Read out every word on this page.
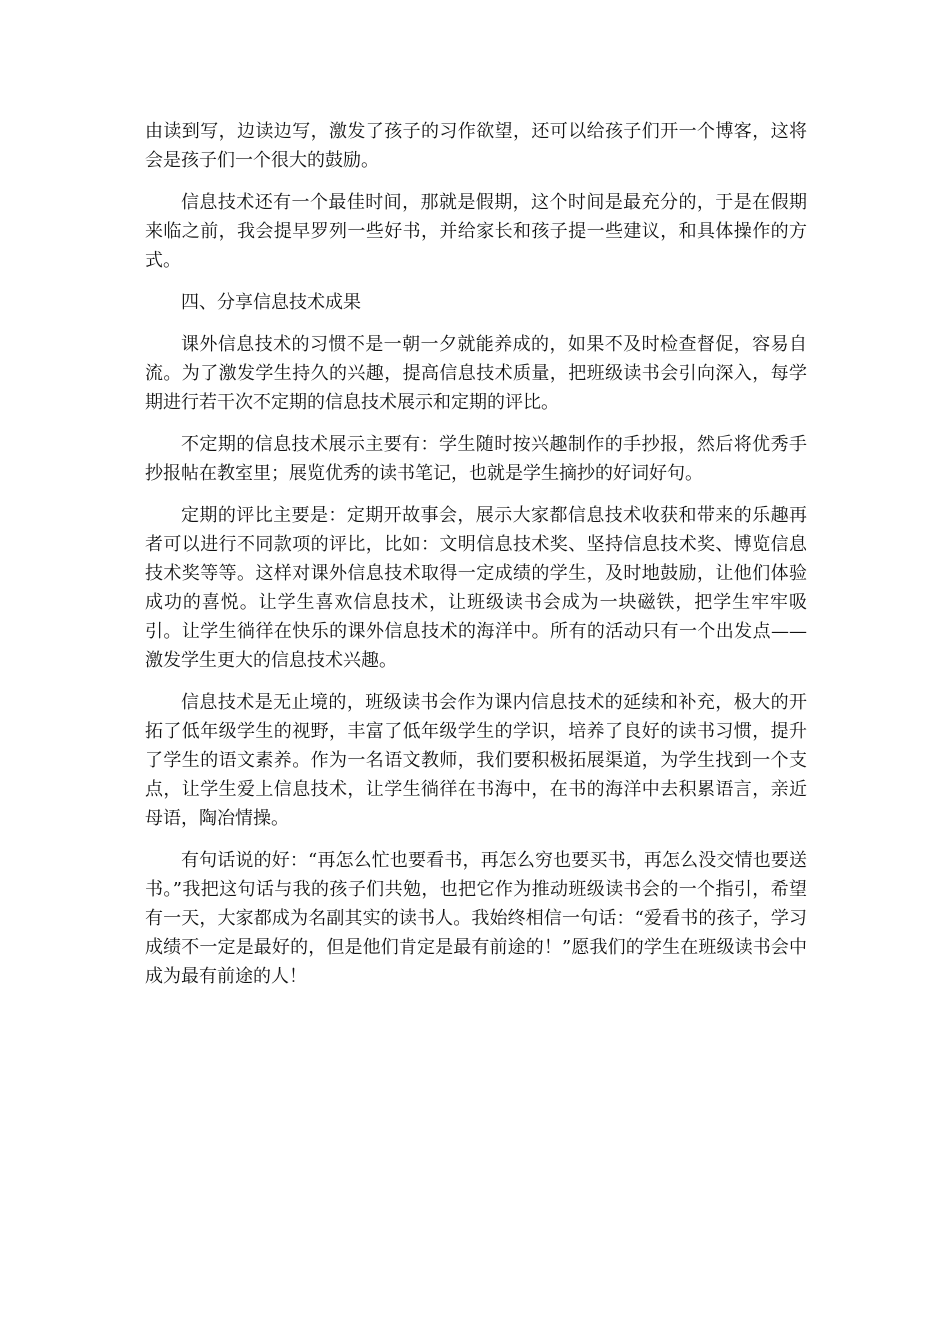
由读到写，边读边写，激发了孩子的习作欲望，还可以给孩子们开一个博客，这将会是孩子们一个很大的鼓励。

信息技术还有一个最佳时间，那就是假期，这个时间是最充分的，于是在假期来临之前，我会提早罗列一些好书，并给家长和孩子提一些建议，和具体操作的方式。

四、分享信息技术成果

课外信息技术的习惯不是一朝一夕就能养成的，如果不及时检查督促，容易自流。为了激发学生持久的兴趣，提高信息技术质量，把班级读书会引向深入，每学期进行若干次不定期的信息技术展示和定期的评比。

不定期的信息技术展示主要有：学生随时按兴趣制作的手抄报，然后将优秀手抄报帖在教室里；展览优秀的读书笔记，也就是学生摘抄的好词好句。

定期的评比主要是：定期开故事会，展示大家都信息技术收获和带来的乐趣再者可以进行不同款项的评比，比如：文明信息技术奖、坚持信息技术奖、博览信息技术奖等等。这样对课外信息技术取得一定成绩的学生，及时地鼓励，让他们体验成功的喜悦。让学生喜欢信息技术，让班级读书会成为一块磁铁，把学生牢牢吸引。让学生徜徉在快乐的课外信息技术的海洋中。所有的活动只有一个出发点——激发学生更大的信息技术兴趣。

信息技术是无止境的，班级读书会作为课内信息技术的延续和补充，极大的开拓了低年级学生的视野，丰富了低年级学生的学识，培养了良好的读书习惯，提升了学生的语文素养。作为一名语文教师，我们要积极拓展渠道，为学生找到一个支点，让学生爱上信息技术，让学生徜徉在书海中，在书的海洋中去积累语言，亲近母语，陶冶情操。

有句话说的好：“再怎么忙也要看书，再怎么穷也要买书，再怎么没交情也要送书。”我把这句话与我的孩子们共勉，也把它作为推动班级读书会的一个指引，希望有一天，大家都成为名副其实的读书人。我始终相信一句话：“爱看书的孩子，学习成绩不一定是最好的，但是他们肯定是最有前途的！”愿我们的学生在班级读书会中成为最有前途的人！
